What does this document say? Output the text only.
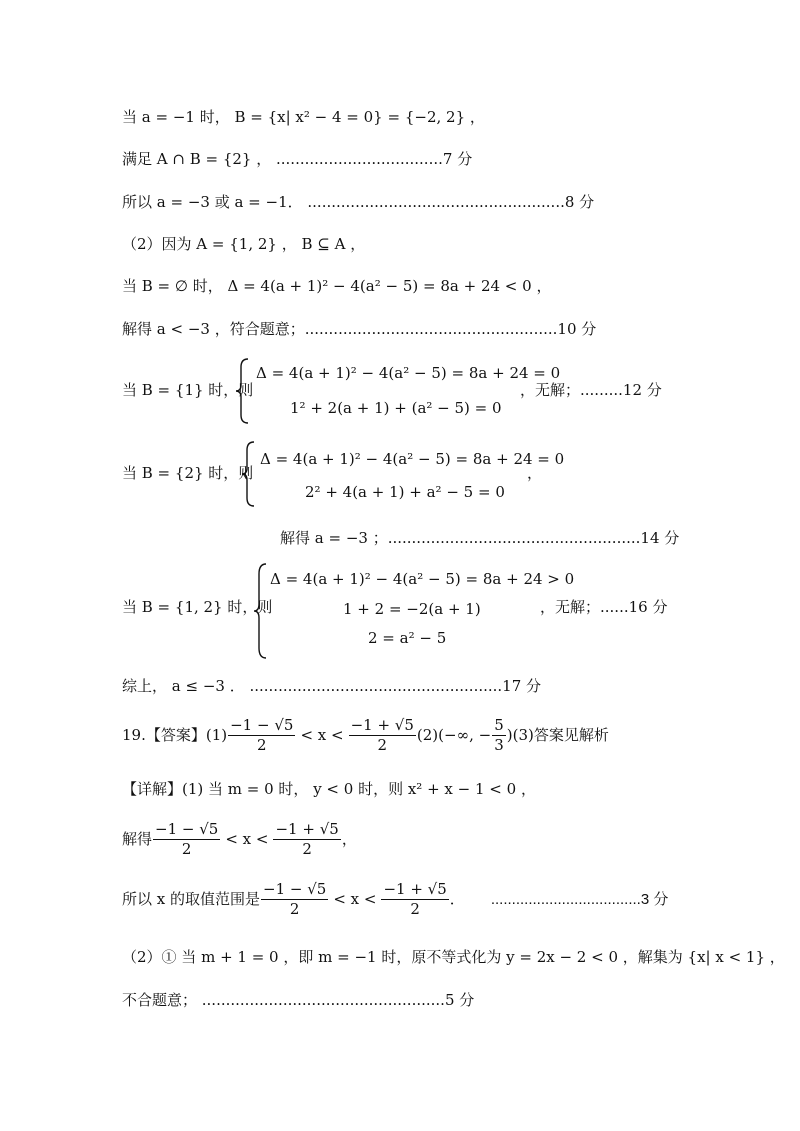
当 a = −1 时， B = {x| x² − 4 = 0} = {−2, 2} ，
满足 A ∩ B = {2} ， ...................................7 分
所以 a = −3 或 a = −1． ......................................................8 分
（2）因为 A = {1, 2} ， B ⊆ A ，
当 B = ∅ 时， Δ = 4(a + 1)² − 4(a² − 5) = 8a + 24 < 0 ，
解得 a < −3 ，符合题意；.....................................................10 分
当 B = {1} 时，则
Δ = 4(a + 1)² − 4(a² − 5) = 8a + 24 = 0
1² + 2(a + 1) + (a² − 5) = 0
，无解；.........12 分
当 B = {2} 时，则
Δ = 4(a + 1)² − 4(a² − 5) = 8a + 24 = 0
2² + 4(a + 1) + a² − 5 = 0
，
解得 a = −3 ；.....................................................14 分
当 B = {1, 2} 时，则
Δ = 4(a + 1)² − 4(a² − 5) = 8a + 24 > 0
1 + 2 = −2(a + 1)
2 = a² − 5
，无解；......16 分
综上， a ≤ −3 ． .....................................................17 分
19.【答案】$(1) \frac{-1 - √5}{2} < x < \frac{-1 + √5}{2} (2)(-\infty$, − $\frac{5}{3} )(3)$答案见解析
【详解】(1) 当 m = 0 时， y < 0 时，则 x² + x − 1 < 0 ，
解得 $\frac{-1 - √5}{2} < x < \frac{-1 + √5}{2}$ ，
所以 x 的取值范围是 $\frac{-1 - √5}{2} < x < \frac{-1 + √5}{2}$ ． ....................................3 分
（2）① 当 m + 1 = 0 ，即 m = −1 时，原不等式化为 y = 2x − 2 < 0 ，解集为 {x| x < 1} ，
不合题意； ...................................................5 分
